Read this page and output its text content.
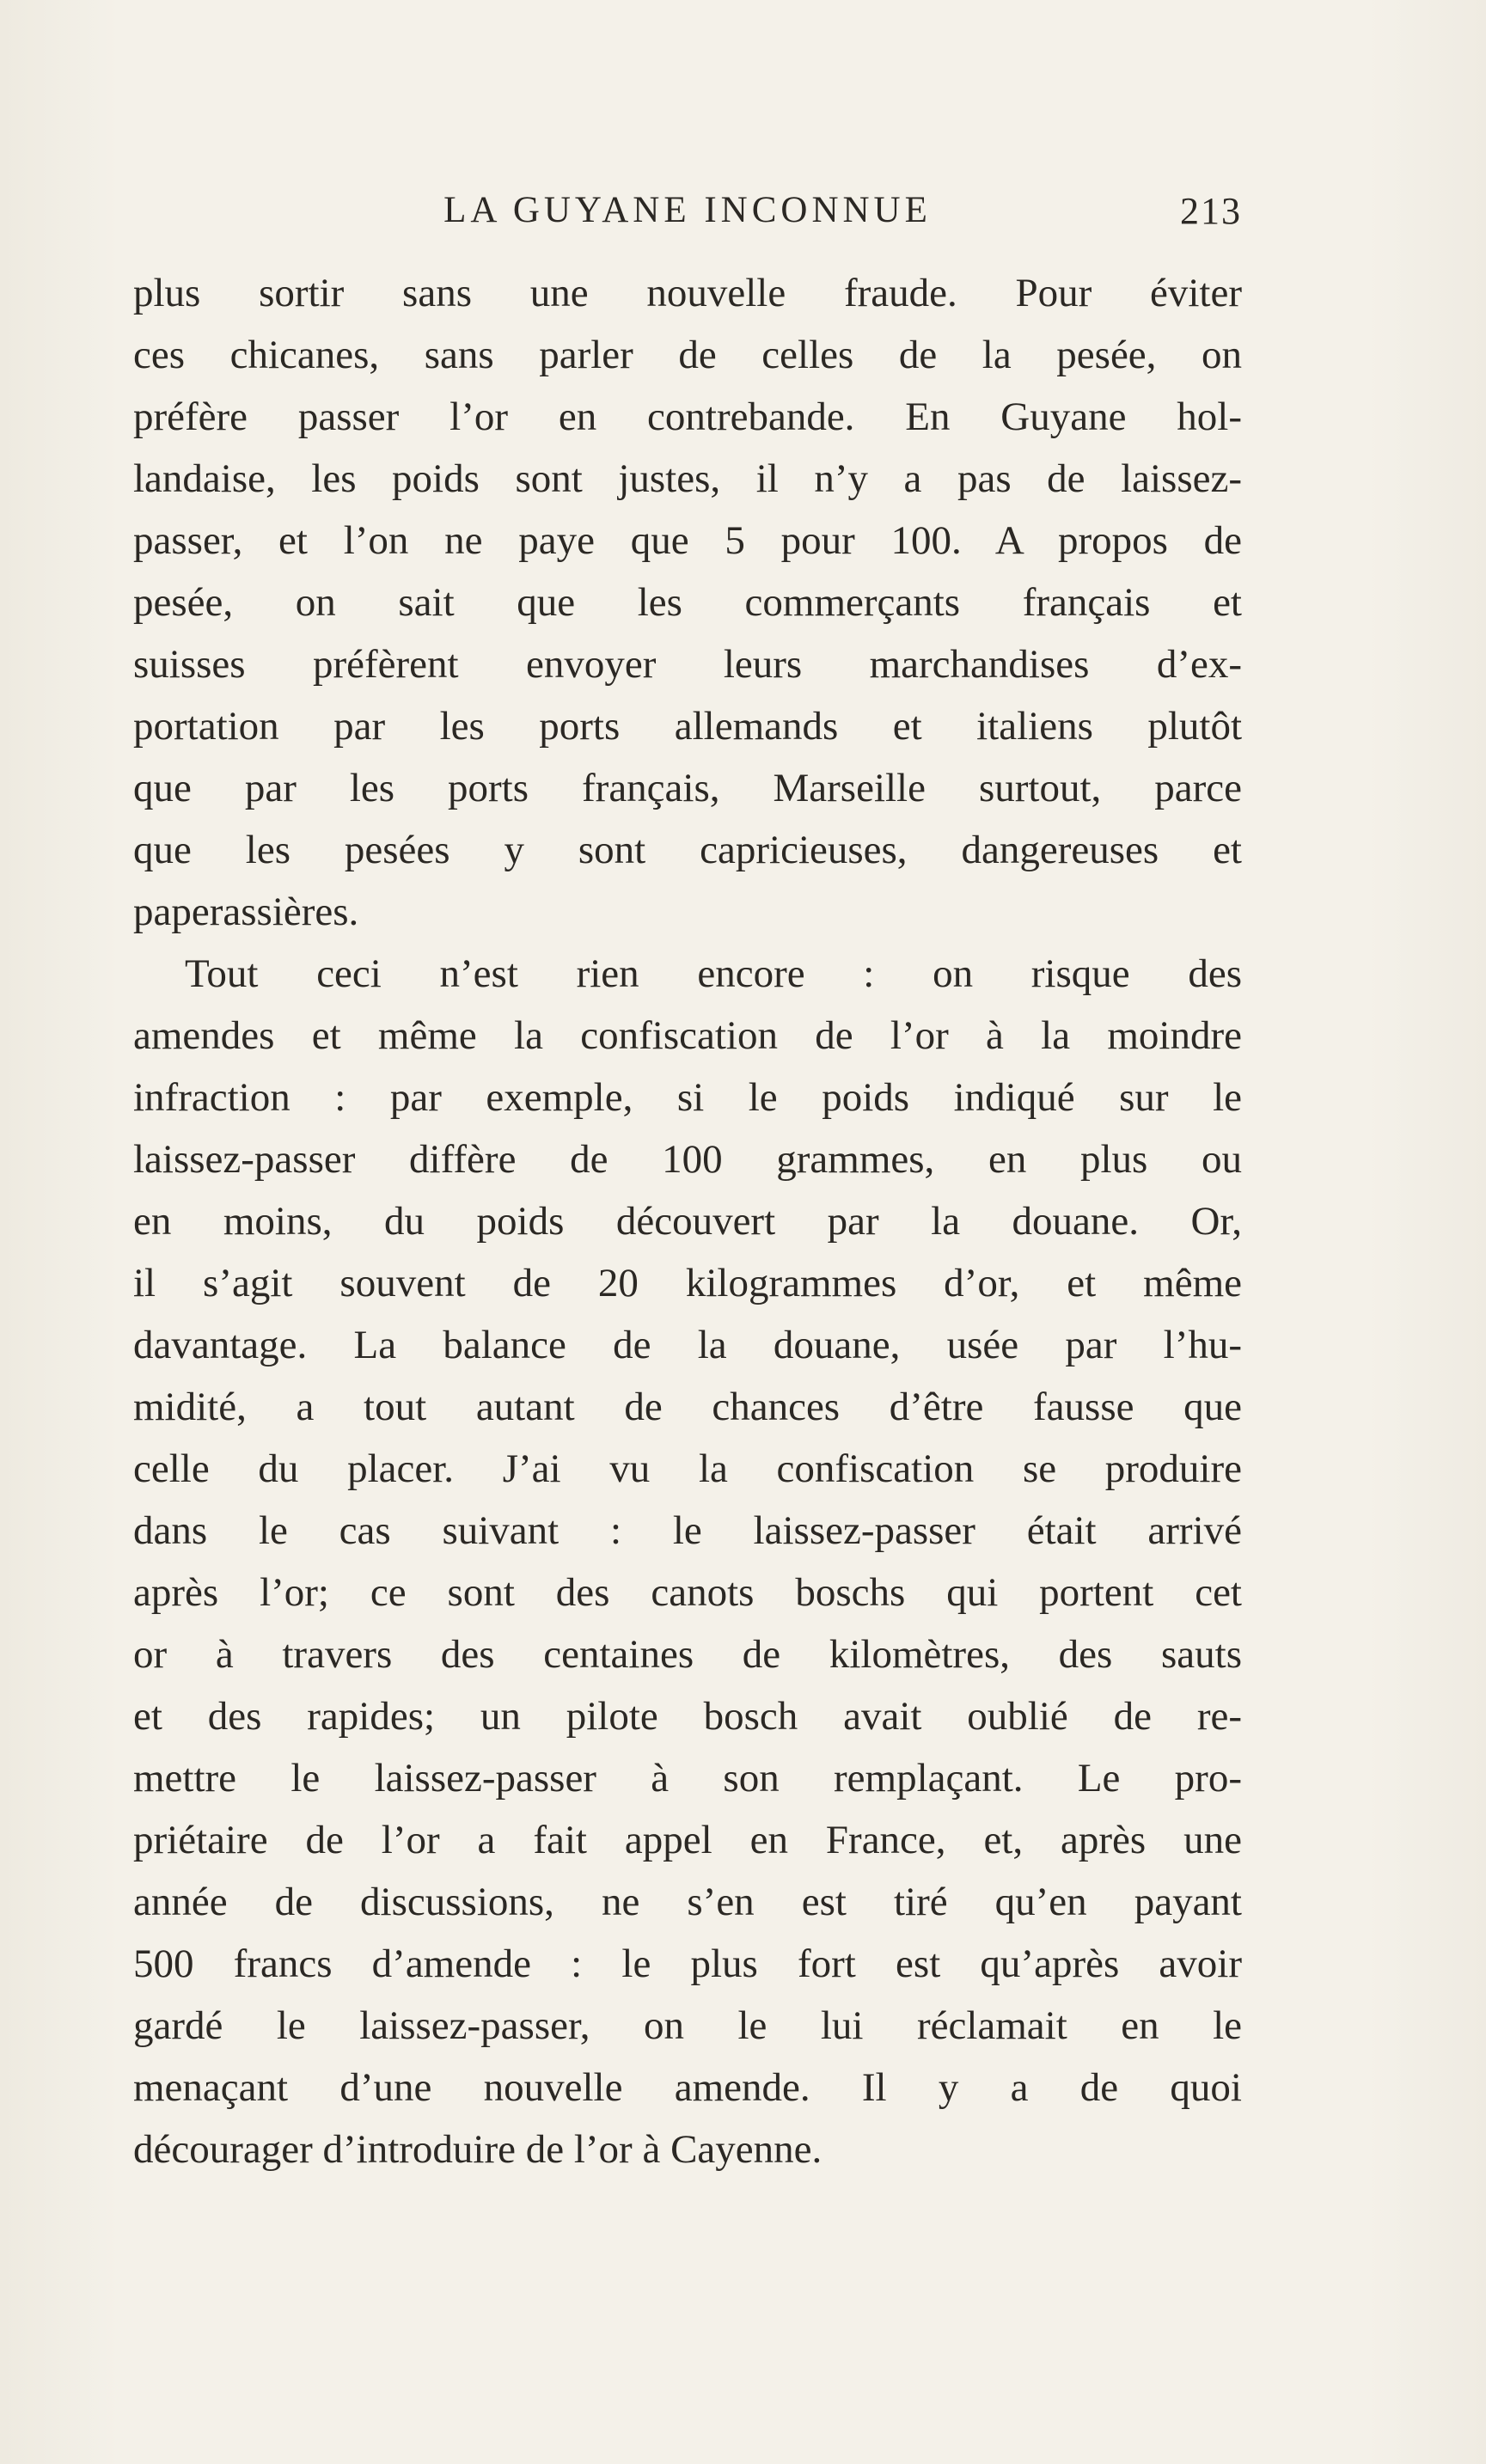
LA GUYANE INCONNUE	213
plus sortir sans une nouvelle fraude. Pour éviter
ces chicanes, sans parler de celles de la pesée, on
préfère passer l’or en contrebande. En Guyane hol-
landaise, les poids sont justes, il n’y a pas de laissez-
passer, et l’on ne paye que 5 pour 100. A propos de
pesée, on sait que les commerçants français et
suisses préfèrent envoyer leurs marchandises d’ex-
portation par les ports allemands et italiens plutôt
que par les ports français, Marseille surtout, parce
que les pesées y sont capricieuses, dangereuses et
paperassières.
Tout ceci n’est rien encore : on risque des
amendes et même la confiscation de l’or à la moindre
infraction : par exemple, si le poids indiqué sur le
laissez-passer diffère de 100 grammes, en plus ou
en moins, du poids découvert par la douane. Or,
il s’agit souvent de 20 kilogrammes d’or, et même
davantage. La balance de la douane, usée par l’hu-
midité, a tout autant de chances d’être fausse que
celle du placer. J’ai vu la confiscation se produire
dans le cas suivant : le laissez-passer était arrivé
après l’or; ce sont des canots boschs qui portent cet
or à travers des centaines de kilomètres, des sauts
et des rapides; un pilote bosch avait oublié de re-
mettre le laissez-passer à son remplaçant. Le pro-
priétaire de l’or a fait appel en France, et, après une
année de discussions, ne s’en est tiré qu’en payant
500 francs d’amende : le plus fort est qu’après avoir
gardé le laissez-passer, on le lui réclamait en le
menaçant d’une nouvelle amende. Il y a de quoi
décourager d’introduire de l’or à Cayenne.
